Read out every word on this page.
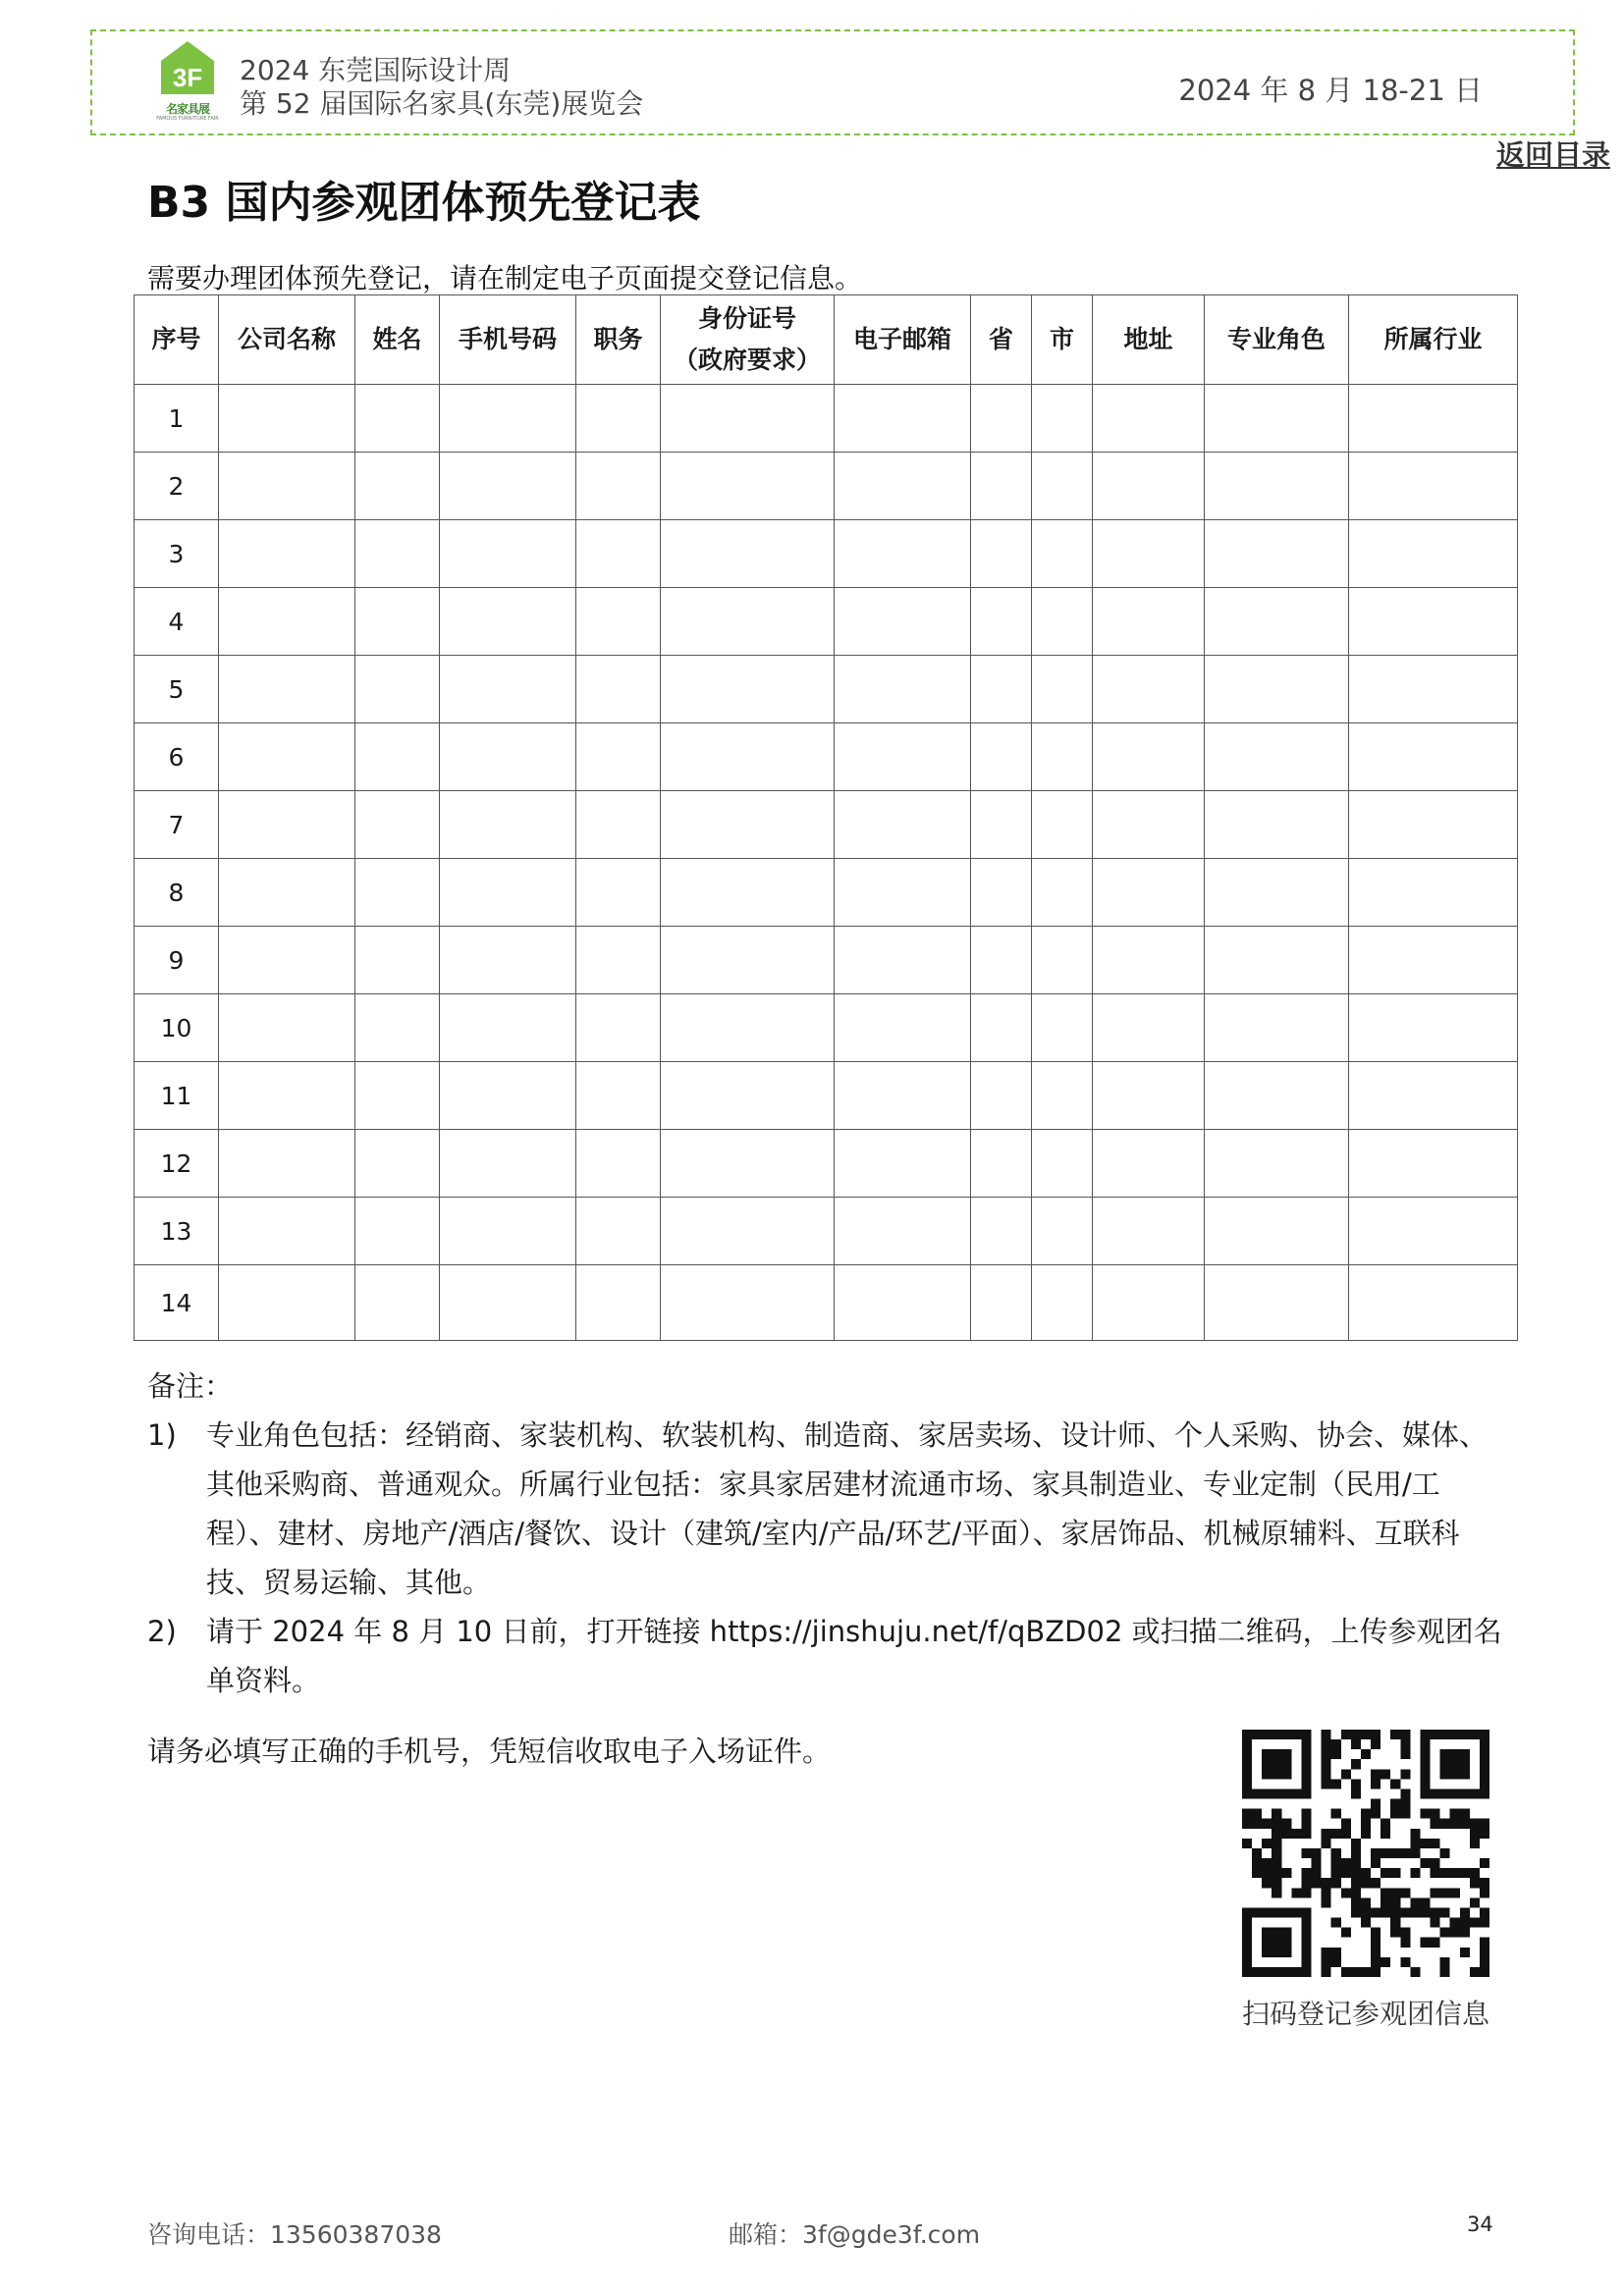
3F
名家具展
FAMOUS FURNITURE FAIR
2024 东莞国际设计周
第 52 届国际名家具(东莞)展览会	2024 年 8 月 18-21 日
返回目录
B3 国内参观团体预先登记表
需要办理团体预先登记，请在制定电子页面提交登记信息。
序号	公司名称	姓名	手机号码	职务	身份证号
（政府要求）	电子邮箱	省	市	地址	专业角色	所属行业
1											
2											
3											
4											
5											
6											
7											
8											
9											
10											
11											
12											
13											
14											
备注：
1) 专业角色包括：经销商、家装机构、软装机构、制造商、家居卖场、设计师、个人采购、协会、媒体、其他采购商、普通观众。所属行业包括：家具家居建材流通市场、家具制造业、专业定制（民用/工程）、建材、房地产/酒店/餐饮、设计（建筑/室内/产品/环艺/平面）、家居饰品、机械原辅料、互联科技、贸易运输、其他。
2) 请于 2024 年 8 月 10 日前，打开链接 https://jinshuju.net/f/qBZD02 或扫描二维码，上传参观团名单资料。
请务必填写正确的手机号，凭短信收取电子入场证件。
扫码登记参观团信息
咨询电话：13560387038	邮箱：3f@gde3f.com	34
